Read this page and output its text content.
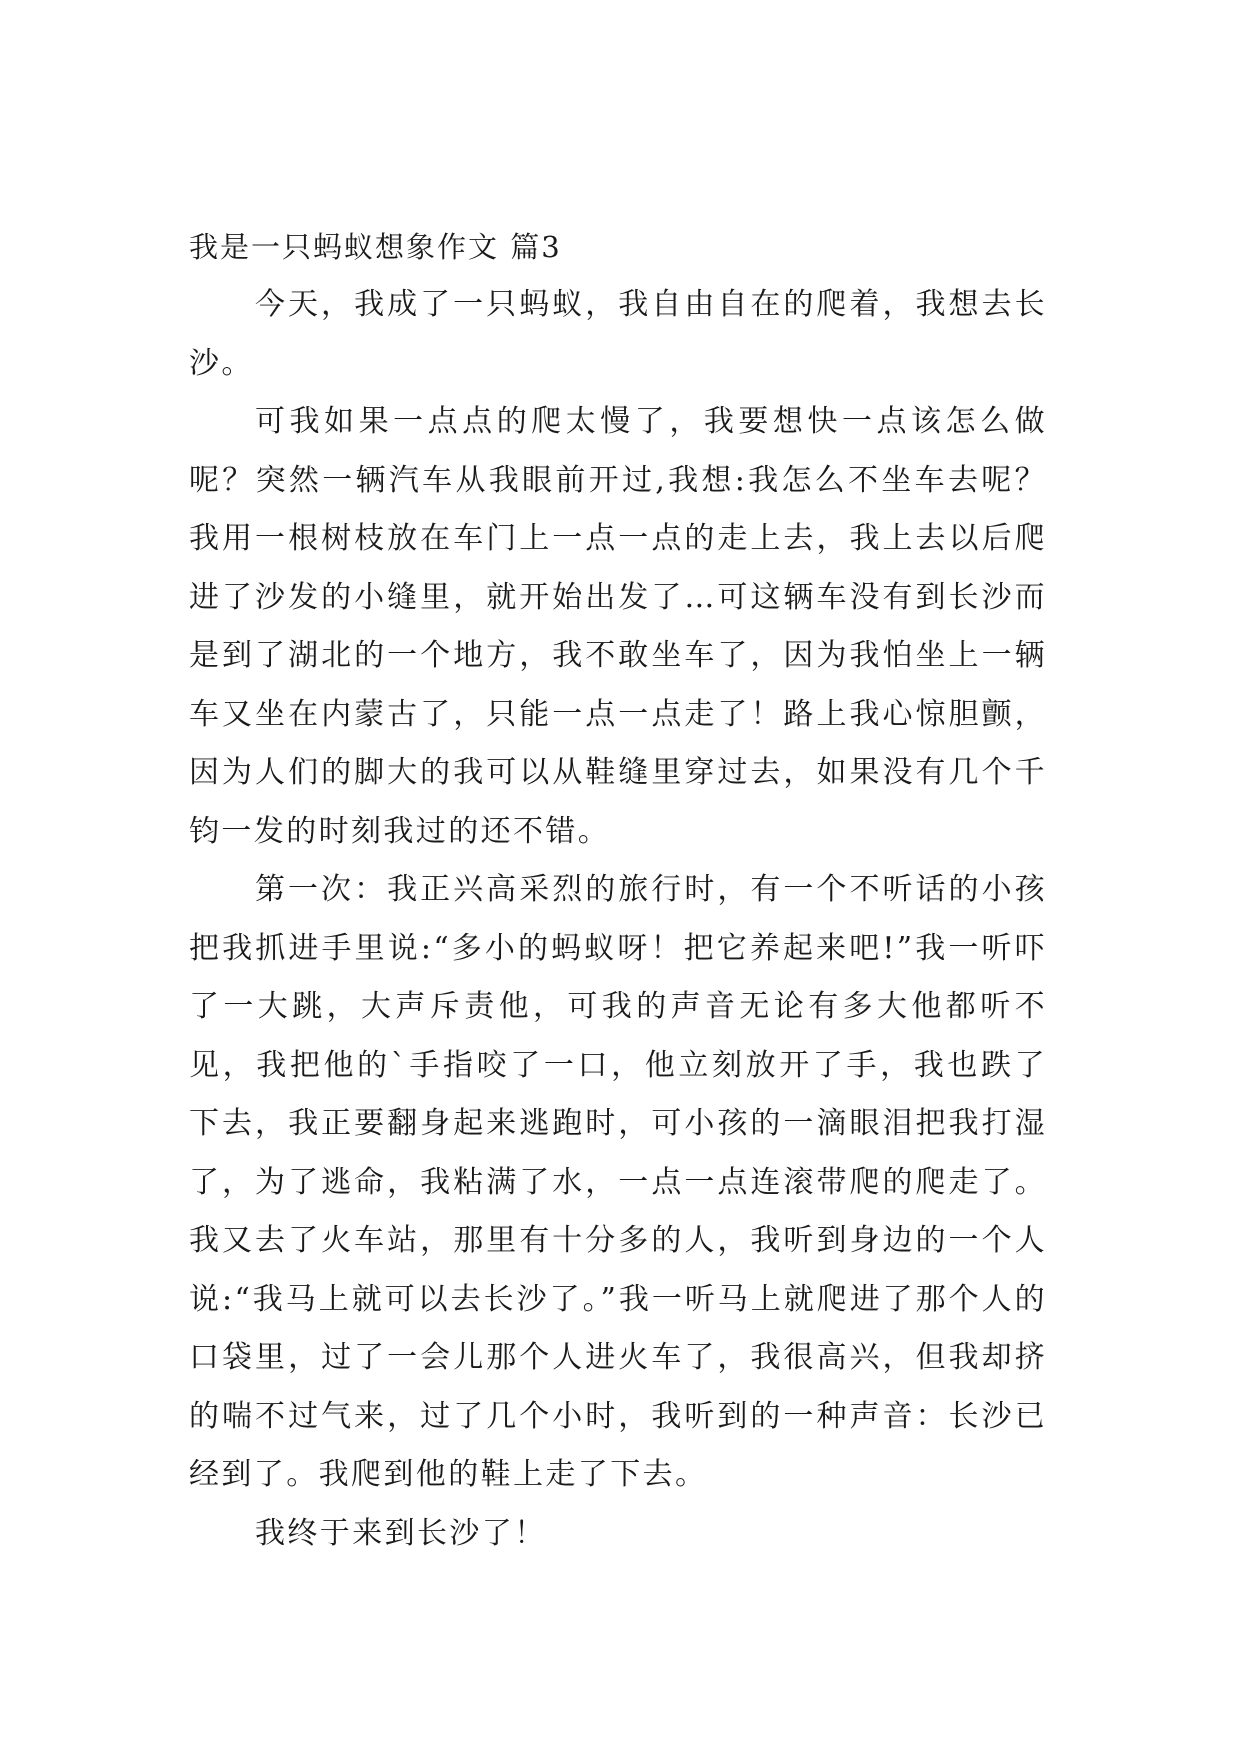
我是一只蚂蚁想象作文 篇3

今天，我成了一只蚂蚁，我自由自在的爬着，我想去长沙。

可我如果一点点的爬太慢了，我要想快一点该怎么做呢？突然一辆汽车从我眼前开过,我想:我怎么不坐车去呢？我用一根树枝放在车门上一点一点的走上去，我上去以后爬进了沙发的小缝里，就开始出发了…可这辆车没有到长沙而是到了湖北的一个地方，我不敢坐车了，因为我怕坐上一辆车又坐在内蒙古了，只能一点一点走了！路上我心惊胆颤，因为人们的脚大的我可以从鞋缝里穿过去，如果没有几个千钧一发的时刻我过的还不错。

第一次：我正兴高采烈的旅行时，有一个不听话的小孩把我抓进手里说:“多小的蚂蚁呀！把它养起来吧!”我一听吓了一大跳，大声斥责他，可我的声音无论有多大他都听不见，我把他的`手指咬了一口，他立刻放开了手，我也跌了下去，我正要翻身起来逃跑时，可小孩的一滴眼泪把我打湿了，为了逃命，我粘满了水，一点一点连滚带爬的爬走了。我又去了火车站，那里有十分多的人，我听到身边的一个人说:“我马上就可以去长沙了。”我一听马上就爬进了那个人的口袋里，过了一会儿那个人进火车了，我很高兴，但我却挤的喘不过气来，过了几个小时，我听到的一种声音：长沙已经到了。我爬到他的鞋上走了下去。

我终于来到长沙了！
